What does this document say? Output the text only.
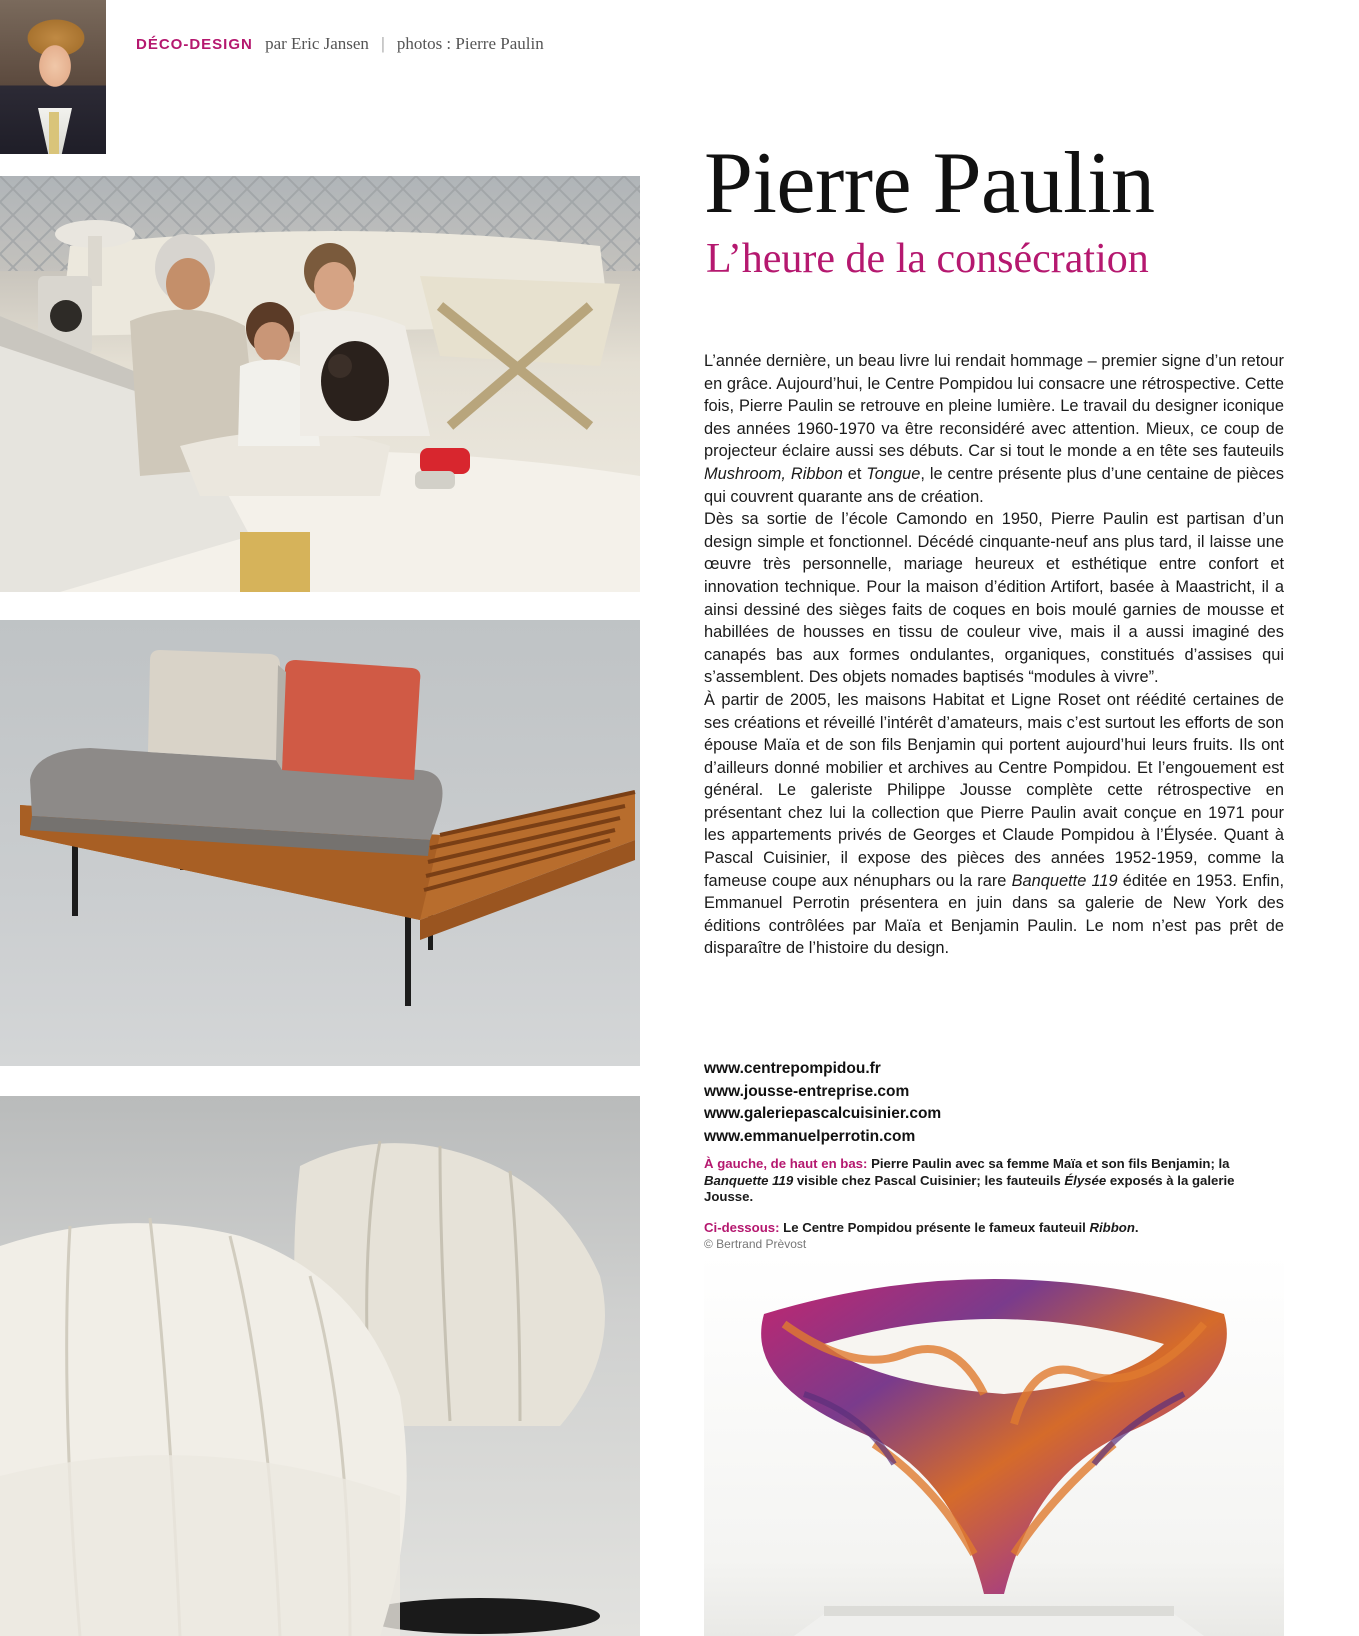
DÉCO-DESIGN par Eric Jansen | photos : Pierre Paulin
Pierre Paulin
L’heure de la consécration

L’année dernière, un beau livre lui rendait hommage – premier signe d’un retour en grâce. Aujourd’hui, le Centre Pompidou lui consacre une rétrospective. Cette fois, Pierre Paulin se retrouve en pleine lumière. Le travail du designer iconique des années 1960-1970 va être reconsidéré avec attention. Mieux, ce coup de projecteur éclaire aussi ses débuts. Car si tout le monde a en tête ses fauteuils Mushroom, Ribbon et Tongue, le centre présente plus d’une centaine de pièces qui couvrent quarante ans de création.

Dès sa sortie de l’école Camondo en 1950, Pierre Paulin est partisan d’un design simple et fonctionnel. Décédé cinquante-neuf ans plus tard, il laisse une œuvre très personnelle, mariage heureux et esthétique entre confort et innovation technique. Pour la maison d’édition Artifort, basée à Maastricht, il a ainsi dessiné des sièges faits de coques en bois moulé garnies de mousse et habillées de housses en tissu de couleur vive, mais il a aussi imaginé des canapés bas aux formes ondulantes, organiques, constitués d’assises qui s’assemblent. Des objets nomades baptisés “modules à vivre”.

À partir de 2005, les maisons Habitat et Ligne Roset ont réédité certaines de ses créations et réveillé l’intérêt d’amateurs, mais c’est surtout les efforts de son épouse Maïa et de son fils Benjamin qui portent aujourd’hui leurs fruits. Ils ont d’ailleurs donné mobilier et archives au Centre Pompidou. Et l’engouement est général. Le galeriste Philippe Jousse complète cette rétrospective en présentant chez lui la collection que Pierre Paulin avait conçue en 1971 pour les appartements privés de Georges et Claude Pompidou à l’Élysée. Quant à Pascal Cuisinier, il expose des pièces des années 1952-1959, comme la fameuse coupe aux nénuphars ou la rare Banquette 119 éditée en 1953. Enfin, Emmanuel Perrotin présentera en juin dans sa galerie de New York des éditions contrôlées par Maïa et Benjamin Paulin. Le nom n’est pas prêt de disparaître de l’histoire du design.

www.centrepompidou.fr
www.jousse-entreprise.com
www.galeriepascalcuisinier.com
www.emmanuelperrotin.com

À gauche, de haut en bas: Pierre Paulin avec sa femme Maïa et son fils Benjamin; la Banquette 119 visible chez Pascal Cuisinier; les fauteuils Élysée exposés à la galerie Jousse.

Ci-dessous: Le Centre Pompidou présente le fameux fauteuil Ribbon.
© Bertrand Prèvost
